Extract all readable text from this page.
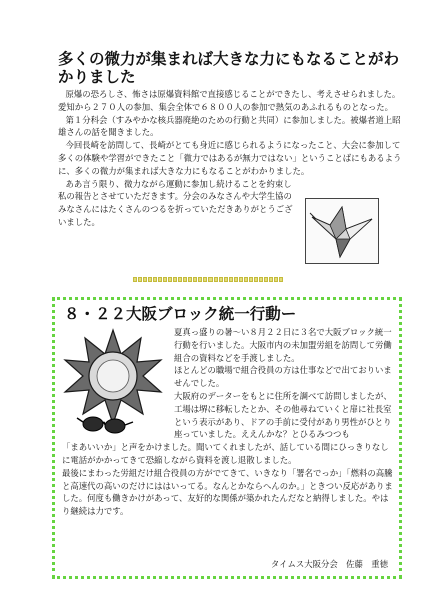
多くの微力が集まれば大きな力にもなることがわかりました

原爆の恐ろしさ、怖さは原爆資料館で直接感じることができたし、考えさせられました。愛知から２７０人の参加、集会全体で６８００人の参加で熱気のあふれるものとなった。

第１分科会（すみやかな核兵器廃絶のための行動と共同）に参加しました。被爆者道上昭雄さんの話を聞きました。

今回長崎を訪問して、長崎がとても身近に感じられるようになったこと、大会に参加して多くの体験や学習ができたこと「微力ではあるが無力ではない」ということばにもあるように、多くの微力が集まれば大きな力にもなることがわかりました。

ああ言う限り、微力ながら運動に参加し続けることを約束し私の報告とさせていただきます。分会のみなさんや大学生協のみなさんにはたくさんのつるを折っていただきありがとうございました。

８・２２大阪ブロック統一行動ー

夏真っ盛りの暑～い８月２２日に３名で大阪ブロック統一行動を行いました。大阪市内の未加盟労組を訪問して労働組合の資料などを手渡しました。

ほとんどの職場で組合役員の方は仕事などで出ておりいませんでした。

大阪府のデーターをもとに住所を調べて訪問しましたが、工場は堺に移転したとか、その他尋ねていくと扉に社長室という表示があり、ドアの手前に受付があり男性がひとり座っていました。ええんかな？とひるみつつも

「まあいいか」と声をかけました。聞いてくれましたが、話している間にひっきりなしに電話がかかってきて恐縮しながら資料を渡し退散しました。

最後にまわった労組だけ組合役員の方がでてきて、いきなり「署名でっか」「燃料の高騰と高速代の高いのだけにははいってる。なんとかならへんのか。」ときつい反応がありました。何度も働きかけがあって、友好的な関係が築かれたんだなと納得しました。やはり継続は力です。

タイムス大阪分会　佐藤　重徳
